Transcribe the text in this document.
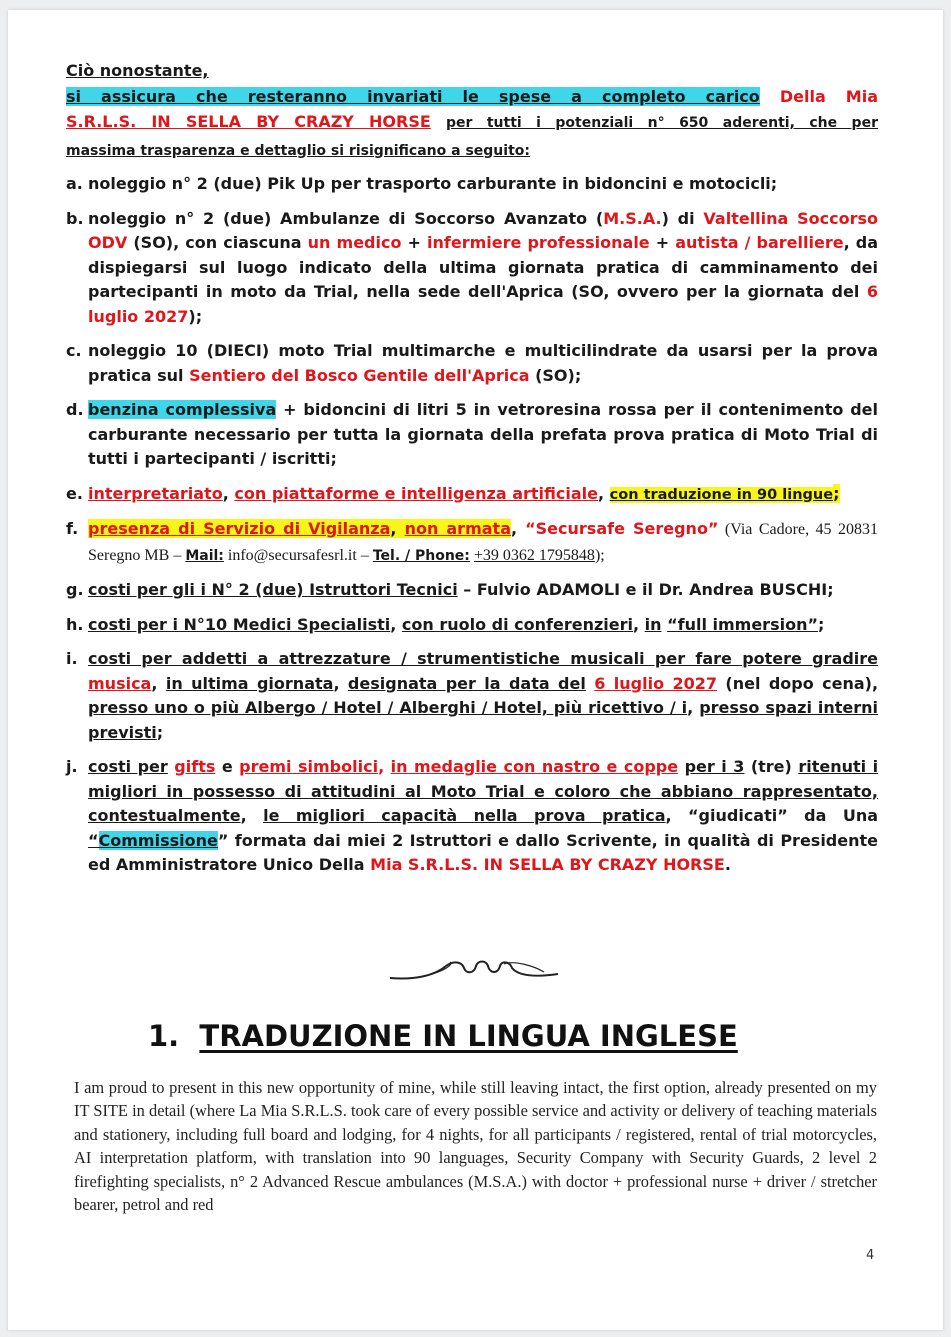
Ciò nonostante,
si assicura che resteranno invariati le spese a completo carico Della Mia
S.R.L.S. IN SELLA BY CRAZY HORSE per tutti i potenziali n° 650 aderenti, che per
massima trasparenza e dettaglio si risignificano a seguito:
a. noleggio n° 2 (due) Pik Up per trasporto carburante in bidoncini e motocicli;
b. noleggio n° 2 (due) Ambulanze di Soccorso Avanzato (M.S.A.) di Valtellina Soccorso ODV (SO), con ciascuna un medico + infermiere professionale + autista / barelliere, da dispiegarsi sul luogo indicato della ultima giornata pratica di camminamento dei partecipanti in moto da Trial, nella sede dell'Aprica (SO, ovvero per la giornata del 6 luglio 2027);
c. noleggio 10 (DIECI) moto Trial multimarche e multicilindrate da usarsi per la prova pratica sul Sentiero del Bosco Gentile dell'Aprica (SO);
d. benzina complessiva + bidoncini di litri 5 in vetroresina rossa per il contenimento del carburante necessario per tutta la giornata della prefata prova pratica di Moto Trial di tutti i partecipanti / iscritti;
e. interpretariato, con piattaforme e intelligenza artificiale, con traduzione in 90 lingue;
f. presenza di Servizio di Vigilanza, non armata, “Secursafe Seregno” (Via Cadore, 45 20831 Seregno MB – Mail: info@secursafesrl.it – Tel. / Phone: +39 0362 1795848);
g. costi per gli i N° 2 (due) Istruttori Tecnici – Fulvio ADAMOLI e il Dr. Andrea BUSCHI;
h. costi per i N°10 Medici Specialisti, con ruolo di conferenzieri, in “full immersion”;
i. costi per addetti a attrezzature / strumentistiche musicali per fare potere gradire musica, in ultima giornata, designata per la data del 6 luglio 2027 (nel dopo cena), presso uno o più Albergo / Hotel / Alberghi / Hotel, più ricettivo / i, presso spazi interni previsti;
j. costi per gifts e premi simbolici, in medaglie con nastro e coppe per i 3 (tre) ritenuti i migliori in possesso di attitudini al Moto Trial e coloro che abbiano rappresentato, contestualmente, le migliori capacità nella prova pratica, “giudicati” da Una “Commissione” formata dai miei 2 Istruttori e dallo Scrivente, in qualità di Presidente ed Amministratore Unico Della Mia S.R.L.S. IN SELLA BY CRAZY HORSE.
1. TRADUZIONE IN LINGUA INGLESE
I am proud to present in this new opportunity of mine, while still leaving intact, the first option, already presented on my IT SITE in detail (where La Mia S.R.L.S. took care of every possible service and activity or delivery of teaching materials and stationery, including full board and lodging, for 4 nights, for all participants / registered, rental of trial motorcycles, AI interpretation platform, with translation into 90 languages, Security Company with Security Guards, 2 level 2 firefighting specialists, n° 2 Advanced Rescue ambulances (M.S.A.) with doctor + professional nurse + driver / stretcher bearer, petrol and red
4
